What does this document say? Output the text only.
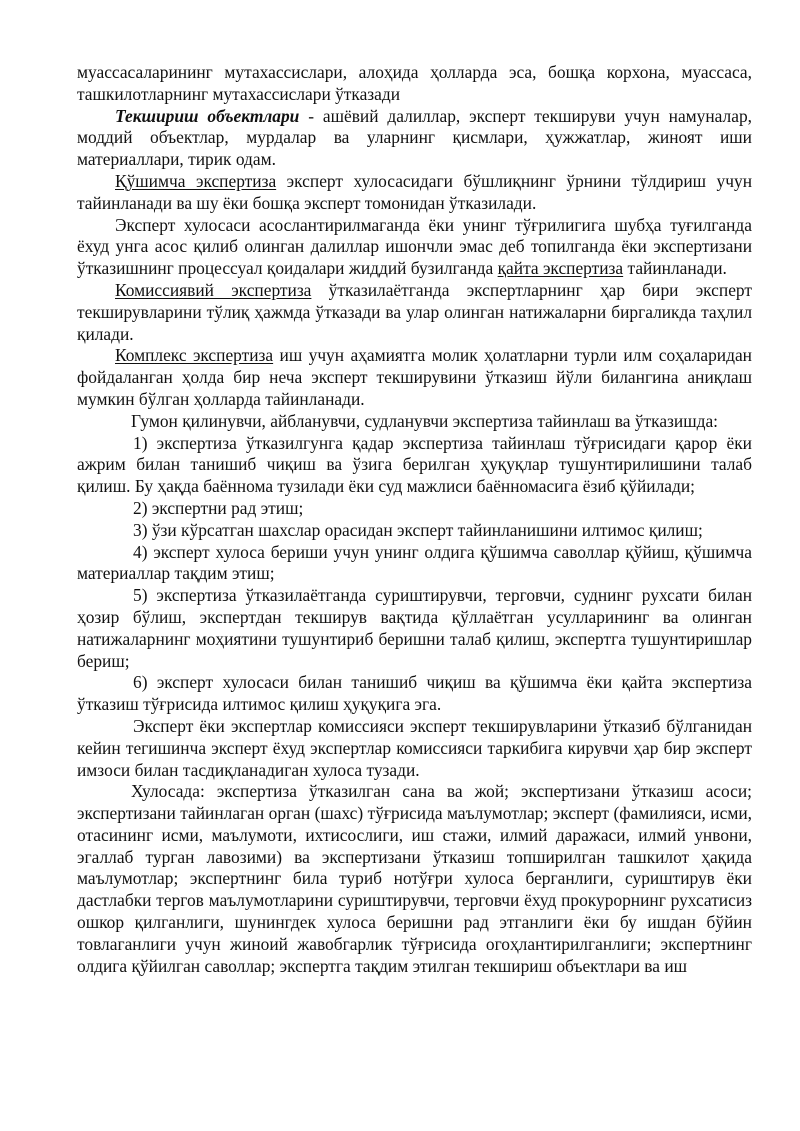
муассасаларининг мутахассислари, алоҳида ҳолларда эса, бошқа корхона, муассаса, ташкилотларнинг мутахассислари ўтказади

Текшириш объектлари - ашёвий далиллар, эксперт текшируви учун намуналар, моддий объектлар, мурдалар ва уларнинг қисмлари, ҳужжатлар, жиноят иши материаллари, тирик одам.

Қўшимча экспертиза эксперт хулосасидаги бўшлиқнинг ўрнини тўлдириш учун тайинланади ва шу ёки бошқа эксперт томонидан ўтказилади.

Эксперт хулосаси асослантирилмаганда ёки унинг тўғрилигига шубҳа туғилганда ёхуд унга асос қилиб олинган далиллар ишончли эмас деб топилганда ёки экспертизани ўтказишнинг процессуал қоидалари жиддий бузилганда қайта экспертиза тайинланади.

Комиссиявий экспертиза ўтказилаётганда экспертларнинг ҳар бири эксперт текширувларини тўлиқ ҳажмда ўтказади ва улар олинган натижаларни биргаликда таҳлил қилади.

Комплекс экспертиза иш учун аҳамиятга молик ҳолатларни турли илм соҳаларидан фойдаланган ҳолда бир неча эксперт текширувини ўтказиш йўли билангина аниқлаш мумкин бўлган ҳолларда тайинланади.

Гумон қилинувчи, айбланувчи, судланувчи экспертиза тайинлаш ва ўтказишда:

1) экспертиза ўтказилгунга қадар экспертиза тайинлаш тўғрисидаги қарор ёки ажрим билан танишиб чиқиш ва ўзига берилган ҳуқуқлар тушунтирилишини талаб қилиш. Бу ҳақда баённома тузилади ёки суд мажлиси баённомасига ёзиб қўйилади;

2) экспертни рад этиш;

3) ўзи кўрсатган шахслар орасидан эксперт тайинланишини илтимос қилиш;

4) эксперт хулоса бериши учун унинг олдига қўшимча саволлар қўйиш, қўшимча материаллар тақдим этиш;

5) экспертиза ўтказилаётганда суриштирувчи, терговчи, суднинг рухсати билан ҳозир бўлиш, экспертдан текширув вақтида қўллаётган усулларининг ва олинган натижаларнинг моҳиятини тушунтириб беришни талаб қилиш, экспертга тушунтиришлар бериш;

6) эксперт хулосаси билан танишиб чиқиш ва қўшимча ёки қайта экспертиза ўтказиш тўғрисида илтимос қилиш ҳуқуқига эга.

Эксперт ёки экспертлар комиссияси эксперт текширувларини ўтказиб бўлганидан кейин тегишинча эксперт ёхуд экспертлар комиссияси таркибига кирувчи ҳар бир эксперт имзоси билан тасдиқланадиган хулоса тузади.

Хулосада: экспертиза ўтказилган сана ва жой; экспертизани ўтказиш асоси; экспертизани тайинлаган орган (шахс) тўғрисида маълумотлар; эксперт (фамилияси, исми, отасининг исми, маълумоти, ихтисослиги, иш стажи, илмий даражаси, илмий унвони, эгаллаб турган лавозими) ва экспертизани ўтказиш топширилган ташкилот ҳақида маълумотлар; экспертнинг била туриб нотўғри хулоса берганлиги, суриштирув ёки дастлабки тергов маълумотларини суриштирувчи, терговчи ёхуд прокурорнинг рухсатисиз ошкор қилганлиги, шунингдек хулоса беришни рад этганлиги ёки бу ишдан бўйин товлаганлиги учун жиноий жавобгарлик тўғрисида огоҳлантирилганлиги; экспертнинг олдига қўйилган саволлар; экспертга тақдим этилган текшириш объектлари ва иш
